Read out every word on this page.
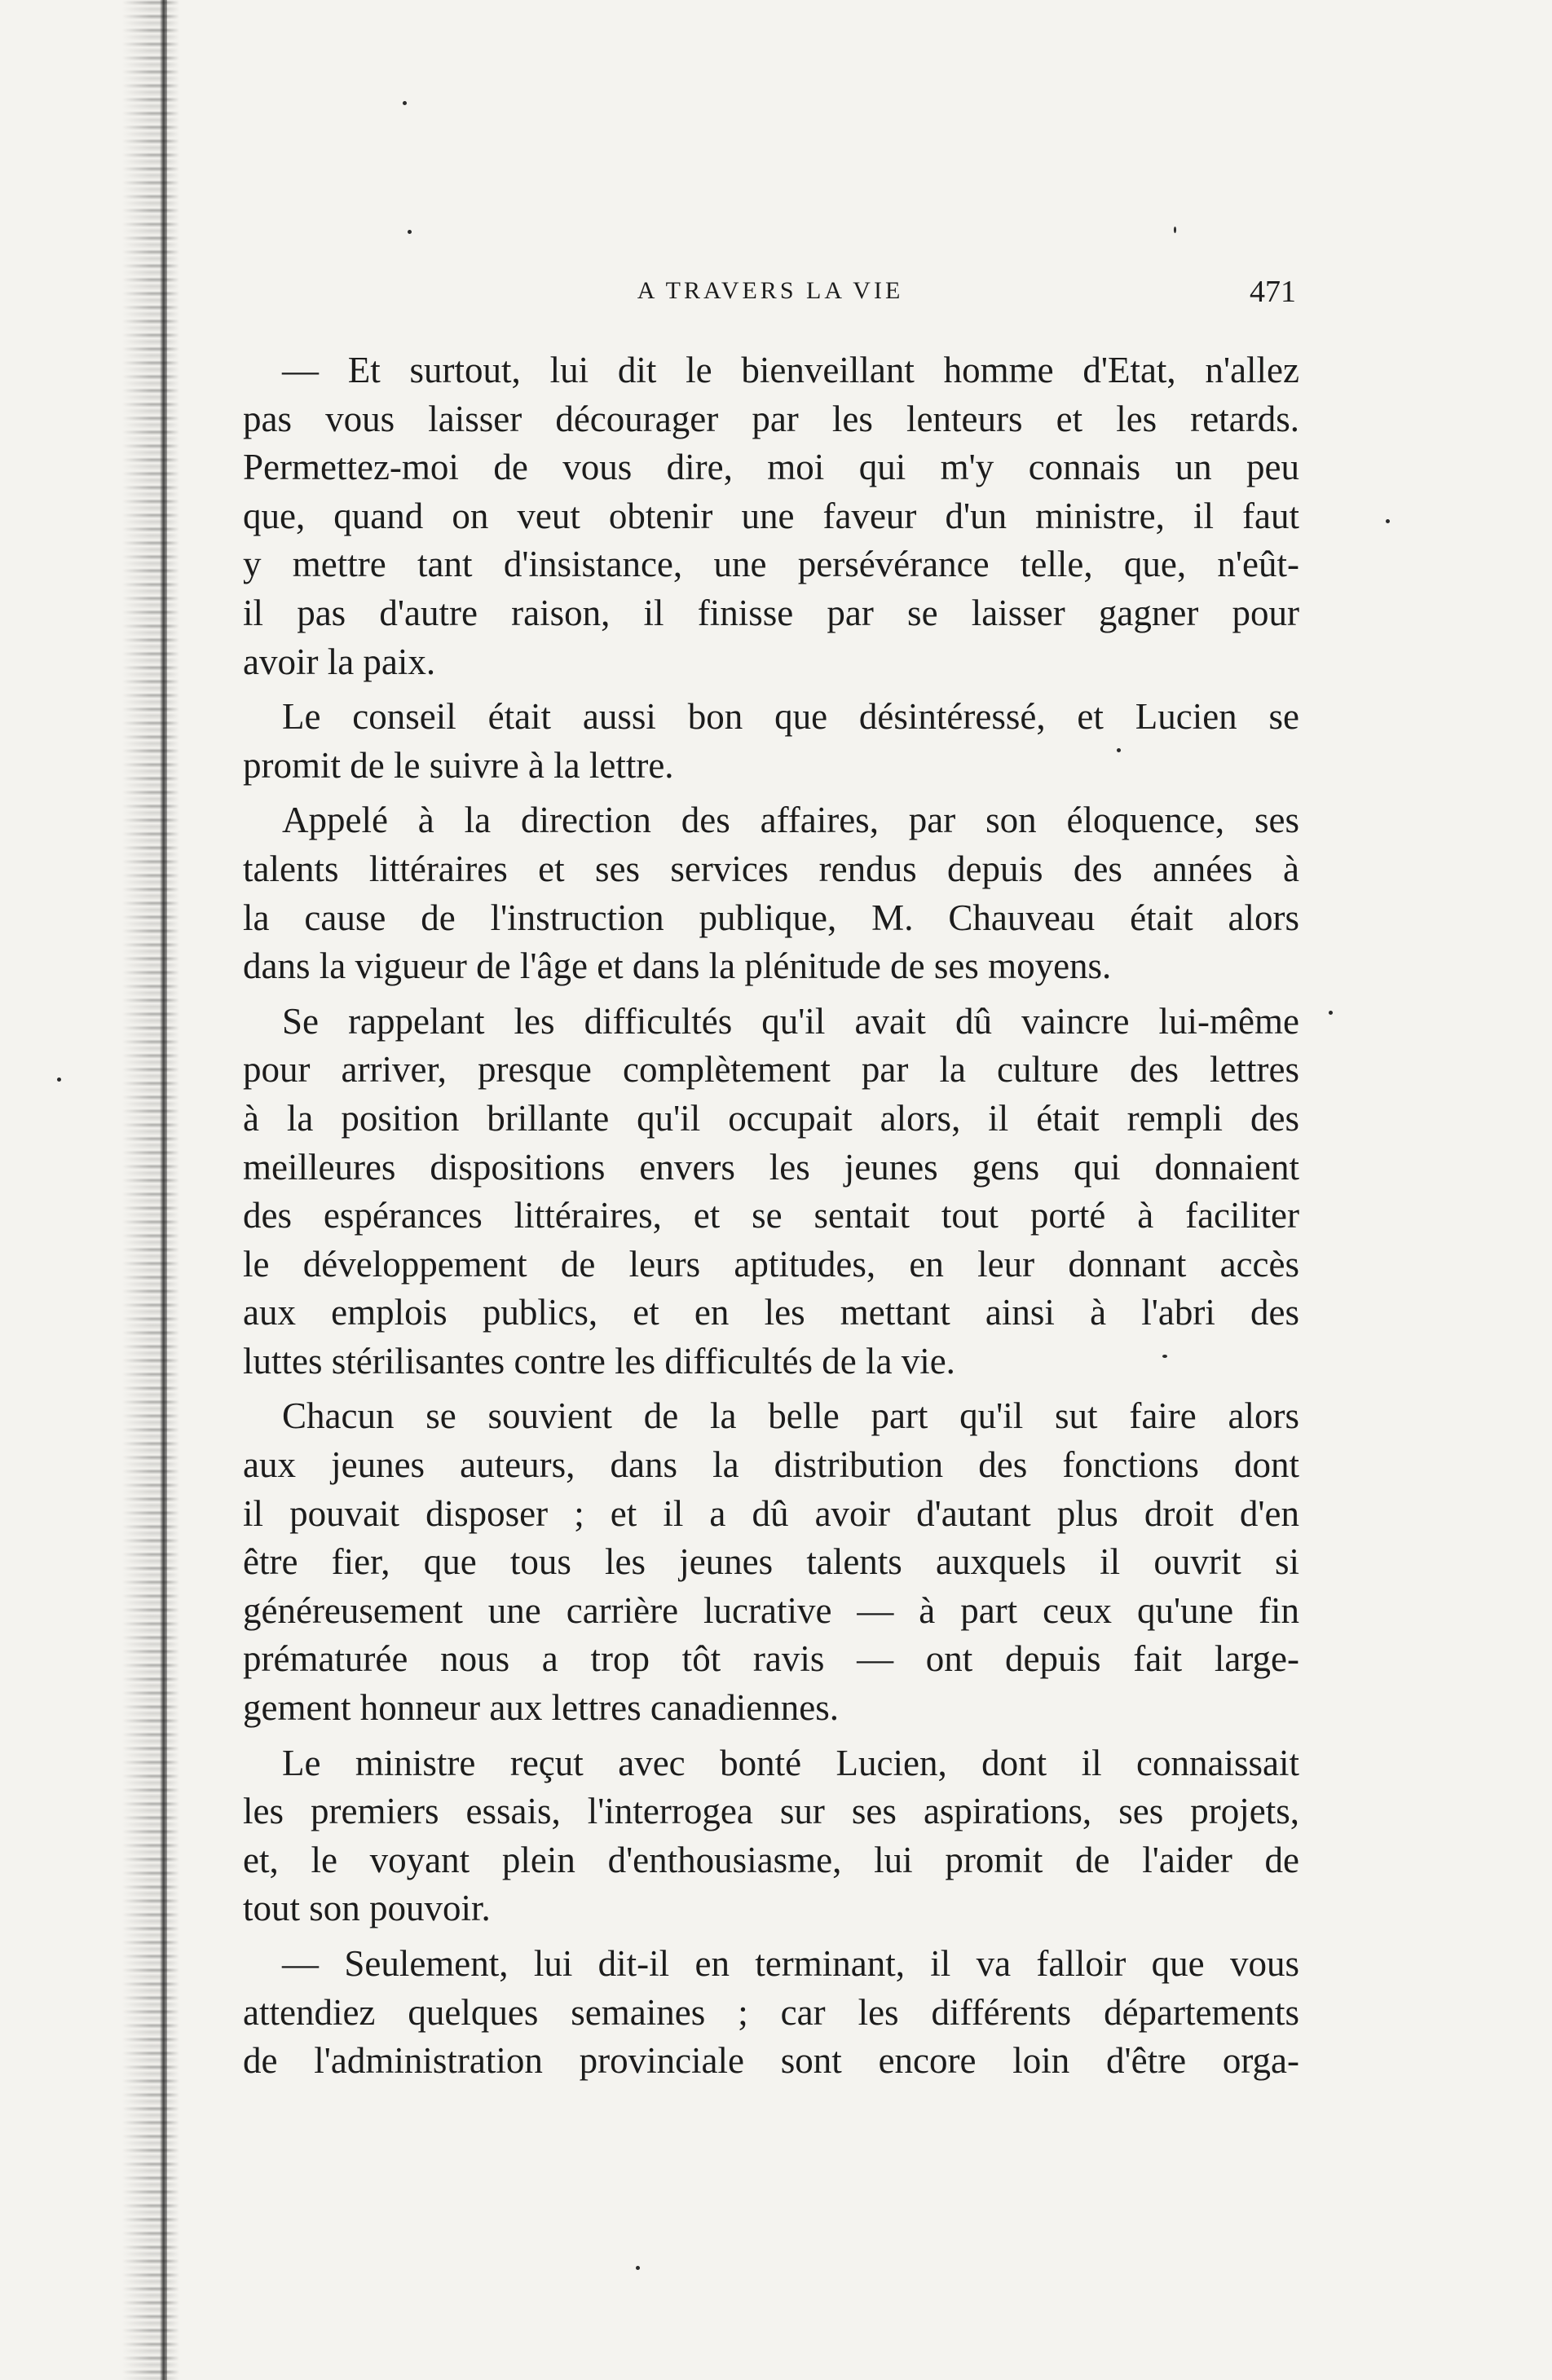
A TRAVERS LA VIE	471
— Et surtout, lui dit le bienveillant homme d'Etat, n'allez
pas vous laisser décourager par les lenteurs et les retards.
Permettez-moi de vous dire, moi qui m'y connais un peu
que, quand on veut obtenir une faveur d'un ministre, il faut
y mettre tant d'insistance, une persévérance telle, que, n'eût-
il pas d'autre raison, il finisse par se laisser gagner pour
avoir la paix.
Le conseil était aussi bon que désintéressé, et Lucien se
promit de le suivre à la lettre.
Appelé à la direction des affaires, par son éloquence, ses
talents littéraires et ses services rendus depuis des années à
la cause de l'instruction publique, M. Chauveau était alors
dans la vigueur de l'âge et dans la plénitude de ses moyens.
Se rappelant les difficultés qu'il avait dû vaincre lui-même
pour arriver, presque complètement par la culture des lettres
à la position brillante qu'il occupait alors, il était rempli des
meilleures dispositions envers les jeunes gens qui donnaient
des espérances littéraires, et se sentait tout porté à faciliter
le développement de leurs aptitudes, en leur donnant accès
aux emplois publics, et en les mettant ainsi à l'abri des
luttes stérilisantes contre les difficultés de la vie.
Chacun se souvient de la belle part qu'il sut faire alors
aux jeunes auteurs, dans la distribution des fonctions dont
il pouvait disposer ; et il a dû avoir d'autant plus droit d'en
être fier, que tous les jeunes talents auxquels il ouvrit si
généreusement une carrière lucrative — à part ceux qu'une fin
prématurée nous a trop tôt ravis — ont depuis fait large-
gement honneur aux lettres canadiennes.
Le ministre reçut avec bonté Lucien, dont il connaissait
les premiers essais, l'interrogea sur ses aspirations, ses projets,
et, le voyant plein d'enthousiasme, lui promit de l'aider de
tout son pouvoir.
— Seulement, lui dit-il en terminant, il va falloir que vous
attendiez quelques semaines ; car les différents départements
de l'administration provinciale sont encore loin d'être orga-
